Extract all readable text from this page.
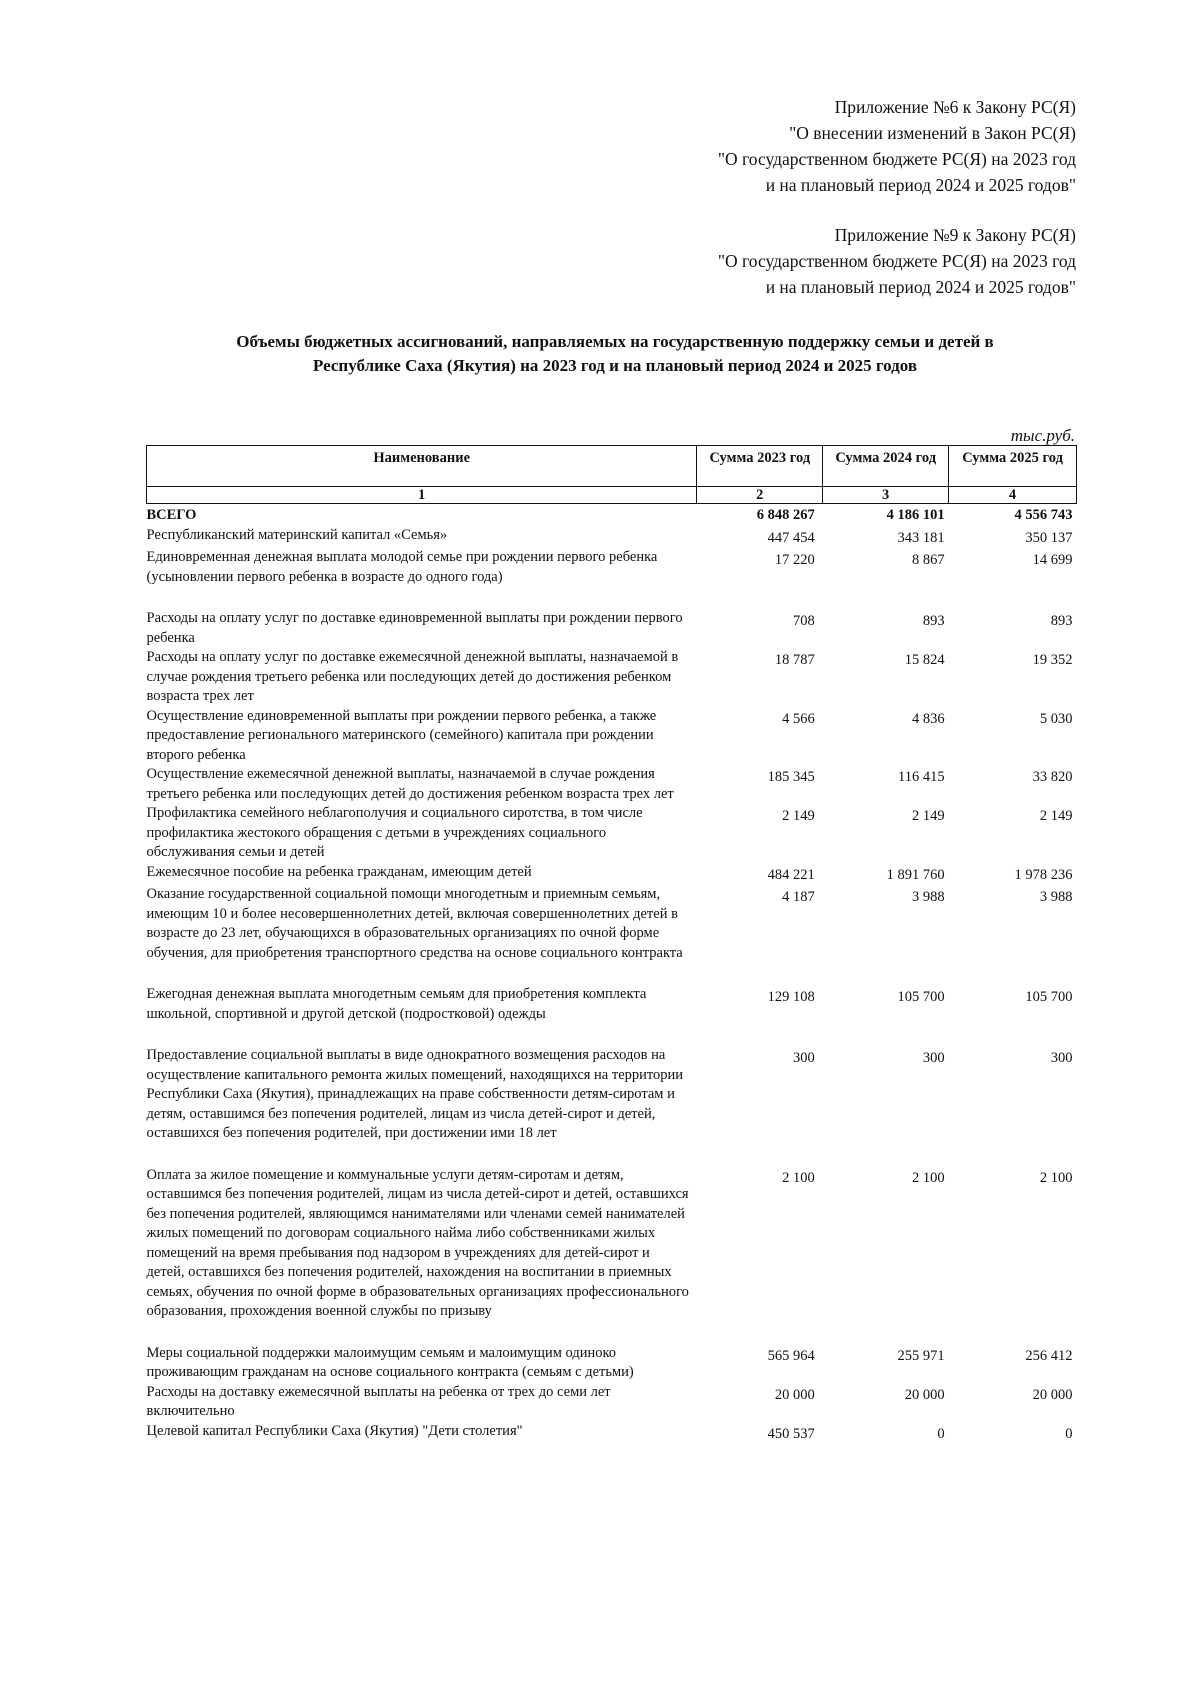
Приложение №6 к Закону РС(Я)
"О внесении изменений в Закон РС(Я)
"О государственном бюджете РС(Я) на 2023 год
и на плановый период 2024 и 2025 годов"
Приложение №9 к Закону РС(Я)
"О государственном бюджете РС(Я) на 2023 год
и на плановый период 2024 и 2025 годов"
Объемы бюджетных ассигнований, направляемых на государственную поддержку семьи и детей в
Республике Саха (Якутия) на 2023 год и на плановый период 2024 и 2025 годов
тыс.руб.
Наименование	Сумма 2023 год	Сумма 2024 год	Сумма 2025 год
1	2	3	4
ВСЕГО	6 848 267	4 186 101	4 556 743
Республиканский материнский капитал «Семья»	447 454	343 181	350 137
Единовременная денежная выплата молодой семье при рождении первого ребенка (усыновлении первого ребенка в возрасте до одного года)	17 220	8 867	14 699
Расходы на оплату услуг по доставке единовременной выплаты при рождении первого ребенка	708	893	893
Расходы на оплату услуг по доставке ежемесячной денежной выплаты, назначаемой в случае рождения третьего ребенка или последующих детей до достижения ребенком возраста трех лет	18 787	15 824	19 352
Осуществление единовременной выплаты при рождении первого ребенка, а также предоставление регионального материнского (семейного) капитала при рождении второго ребенка	4 566	4 836	5 030
Осуществление ежемесячной денежной выплаты, назначаемой в случае рождения третьего ребенка или последующих детей до достижения ребенком возраста трех лет	185 345	116 415	33 820
Профилактика семейного неблагополучия и социального сиротства, в том числе профилактика жестокого обращения с детьми в учреждениях социального обслуживания семьи и детей	2 149	2 149	2 149
Ежемесячное пособие на ребенка гражданам, имеющим детей	484 221	1 891 760	1 978 236
Оказание государственной социальной помощи многодетным и приемным семьям, имеющим 10 и более несовершеннолетних детей, включая совершеннолетних детей в возрасте до 23 лет, обучающихся в образовательных организациях по очной форме обучения, для приобретения транспортного средства на основе социального контракта	4 187	3 988	3 988
Ежегодная денежная выплата многодетным семьям для приобретения комплекта школьной, спортивной и другой детской (подростковой) одежды	129 108	105 700	105 700
Предоставление социальной выплаты в виде однократного возмещения расходов на осуществление капитального ремонта жилых помещений, находящихся на территории Республики Саха (Якутия), принадлежащих на праве собственности детям-сиротам и детям, оставшимся без попечения родителей, лицам из числа детей-сирот и детей, оставшихся без попечения родителей, при достижении ими 18 лет	300	300	300
Оплата за жилое помещение и коммунальные услуги детям-сиротам и детям, оставшимся без попечения родителей, лицам из числа детей-сирот и детей, оставшихся без попечения родителей, являющимся нанимателями или членами семей нанимателей жилых помещений по договорам социального найма либо собственниками жилых помещений на время пребывания под надзором в учреждениях для детей-сирот и детей, оставшихся без попечения родителей, нахождения на воспитании в приемных семьях, обучения по очной форме в образовательных организациях профессионального образования, прохождения военной службы по призыву	2 100	2 100	2 100
Меры социальной поддержки малоимущим семьям и малоимущим одиноко проживающим гражданам на основе социального контракта (семьям с детьми)	565 964	255 971	256 412
Расходы на доставку ежемесячной выплаты на ребенка от трех до семи лет включительно	20 000	20 000	20 000
Целевой капитал Республики Саха (Якутия) "Дети столетия"	450 537	0	0
